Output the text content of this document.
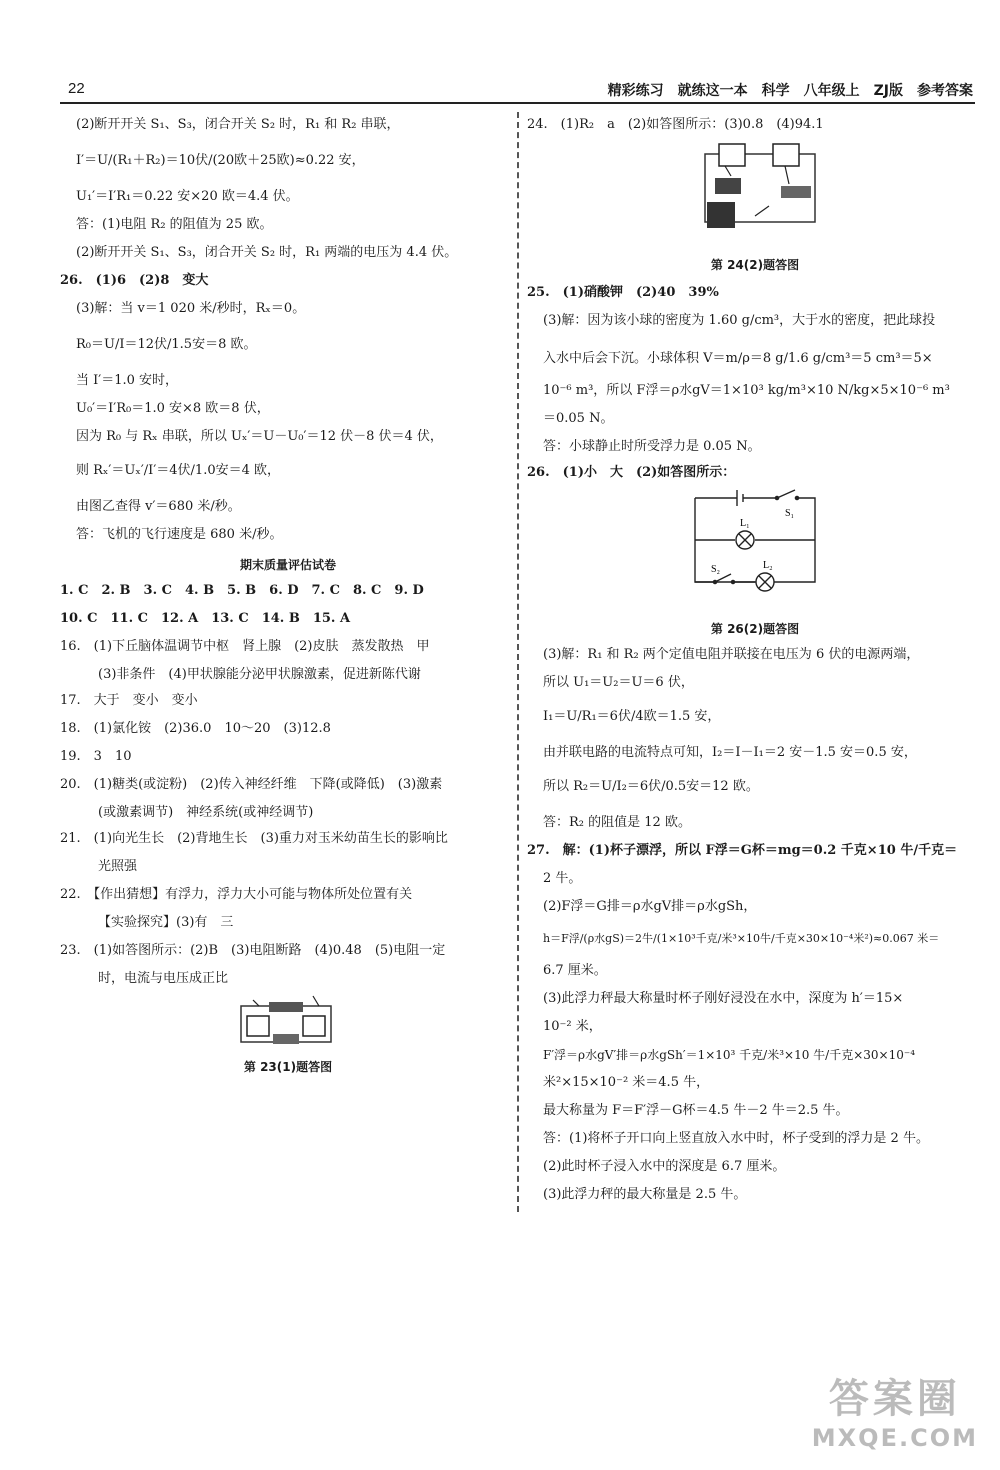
22	精彩练习　就练这一本　科学　八年级上　ZJ版　参考答案
(2)断开开关 S₁、S₃，闭合开关 S₂ 时，R₁ 和 R₂ 串联，
I′＝U/(R₁＋R₂)＝10伏/(20欧＋25欧)≈0.22 安，
U₁′＝I′R₁＝0.22 安×20 欧＝4.4 伏。
答：(1)电阻 R₂ 的阻值为 25 欧。
(2)断开开关 S₁、S₃，闭合开关 S₂ 时，R₁ 两端的电压为 4.4 伏。
26.　(1)6　(2)8　变大
(3)解：当 v＝1 020 米/秒时，Rₓ＝0。
R₀＝U/I＝12伏/1.5安＝8 欧。
当 I′＝1.0 安时，
U₀′＝I′R₀＝1.0 安×8 欧＝8 伏，
因为 R₀ 与 Rₓ 串联，所以 Uₓ′＝U－U₀′＝12 伏－8 伏＝4 伏，
则 Rₓ′＝Uₓ′/I′＝4伏/1.0安＝4 欧，
由图乙查得 v′＝680 米/秒。
答：飞机的飞行速度是 680 米/秒。
期末质量评估试卷
1. C　2. B　3. C　4. B　5. B　6. D　7. C　8. C　9. D
10. C　11. C　12. A　13. C　14. B　15. A
16.　(1)下丘脑体温调节中枢　肾上腺　(2)皮肤　蒸发散热　甲
(3)非条件　(4)甲状腺能分泌甲状腺激素，促进新陈代谢
17.　大于　变小　变小
18.　(1)氯化铵　(2)36.0　10～20　(3)12.8
19.　3　10
20.　(1)糖类(或淀粉)　(2)传入神经纤维　下降(或降低)　(3)激素
(或激素调节)　神经系统(或神经调节)
21.　(1)向光生长　(2)背地生长　(3)重力对玉米幼苗生长的影响比
光照强
22.　【作出猜想】有浮力，浮力大小可能与物体所处位置有关
【实验探究】(3)有　三
23.　(1)如答图所示：(2)B　(3)电阻断路　(4)0.48　(5)电阻一定
时，电流与电压成正比
第 23(1)题答图
24.　(1)R₂　a　(2)如答图所示：(3)0.8　(4)94.1
第 24(2)题答图
25.　(1)硝酸钾　(2)40　39%
(3)解：因为该小球的密度为 1.60 g/cm³，大于水的密度，把此球投
入水中后会下沉。小球体积 V＝m/ρ＝8 g/1.6 g/cm³＝5 cm³＝5×
10⁻⁶ m³，所以 F浮＝ρ水gV＝1×10³ kg/m³×10 N/kg×5×10⁻⁶ m³
＝0.05 N。
答：小球静止时所受浮力是 0.05 N。
26.　(1)小　大　(2)如答图所示：
S₁
L₁
S₂	L₂
第 26(2)题答图
(3)解：R₁ 和 R₂ 两个定值电阻并联接在电压为 6 伏的电源两端，
所以 U₁＝U₂＝U＝6 伏，
I₁＝U/R₁＝6伏/4欧＝1.5 安，
由并联电路的电流特点可知，I₂＝I－I₁＝2 安－1.5 安＝0.5 安，
所以 R₂＝U/I₂＝6伏/0.5安＝12 欧。
答：R₂ 的阻值是 12 欧。
27.　解：(1)杯子漂浮，所以 F浮＝G杯＝mg＝0.2 千克×10 牛/千克＝
2 牛。
(2)F浮＝G排＝ρ水gV排＝ρ水gSh，
h＝F浮/(ρ水gS)＝2牛/(1×10³千克/米³×10牛/千克×30×10⁻⁴米²)≈0.067 米＝
6.7 厘米。
(3)此浮力秤最大称量时杯子刚好浸没在水中，深度为 h′＝15×
10⁻² 米，
F′浮＝ρ水gV′排＝ρ水gSh′＝1×10³ 千克/米³×10 牛/千克×30×10⁻⁴
米²×15×10⁻² 米＝4.5 牛，
最大称量为 F＝F′浮－G杯＝4.5 牛－2 牛＝2.5 牛。
答：(1)将杯子开口向上竖直放入水中时，杯子受到的浮力是 2 牛。
(2)此时杯子浸入水中的深度是 6.7 厘米。
(3)此浮力秤的最大称量是 2.5 牛。
答案圈
MXQE.COM
